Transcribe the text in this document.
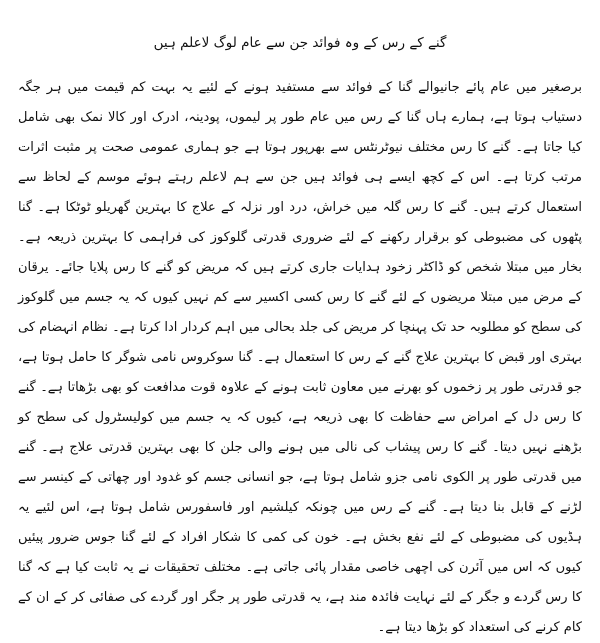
گنے کے رس کے وہ فوائد جن سے عام لوگ لاعلم ہیں

برصغیر میں عام پائے جانیوالے گنا کے فوائد سے مستفید ہونے کے لئیے یہ بہت کم قیمت میں ہر جگہ دستیاب ہوتا ہے، ہمارے ہاں گنا کے رس میں عام طور پر لیموں، پودینہ، ادرک اور کالا نمک بھی شامل کیا جاتا ہے۔ گنے کا رس مختلف نیوٹرنٹس سے بھرپور ہوتا ہے جو ہماری عمومی صحت پر مثبت اثرات مرتب کرتا ہے۔ اس کے کچھ ایسے ہی فوائد ہیں جن سے ہم لاعلم رہتے ہوئے موسم کے لحاظ سے استعمال کرتے ہیں۔ گنے کا رس گلہ میں خراش، درد اور نزلہ کے علاج کا بہترین گھریلو ٹوٹکا ہے۔ گنا پٹھوں کی مضبوطی کو برقرار رکھنے کے لئے ضروری قدرتی گلوکوز کی فراہمی کا بہترین ذریعہ ہے۔ بخار میں مبتلا شخص کو ڈاکٹر زخود ہدایات جاری کرتے ہیں کہ مریض کو گنے کا رس پلایا جائے۔ یرقان کے مرض میں مبتلا مریضوں کے لئے گنے کا رس کسی اکسیر سے کم نہیں کیوں کہ یہ جسم میں گلوکوز کی سطح کو مطلوبہ حد تک پہنچا کر مریض کی جلد بحالی میں اہم کردار ادا کرتا ہے۔ نظام انہضام کی بہتری اور قبض کا بہترین علاج گنے کے رس کا استعمال ہے۔ گنا سوکروس نامی شوگر کا حامل ہوتا ہے، جو قدرتی طور پر زخموں کو بھرنے میں معاون ثابت ہونے کے علاوہ قوت مدافعت کو بھی بڑھاتا ہے۔ گنے کا رس دل کے امراض سے حفاظت کا بھی ذریعہ ہے، کیوں کہ یہ جسم میں کولیسٹرول کی سطح کو بڑھنے نہیں دیتا۔ گنے کا رس پیشاب کی نالی میں ہونے والی جلن کا بھی بہترین قدرتی علاج ہے۔ گنے میں قدرتی طور پر الکوی نامی جزو شامل ہوتا ہے، جو انسانی جسم کو غدود اور چھاتی کے کینسر سے لڑنے کے قابل بنا دیتا ہے۔ گنے کے رس میں چونکہ کیلشیم اور فاسفورس شامل ہوتا ہے، اس لئیے یہ ہڈیوں کی مضبوطی کے لئے نفع بخش ہے۔ خون کی کمی کا شکار افراد کے لئے گنا جوس ضرور پیئیں کیوں کہ اس میں آئرن کی اچھی خاصی مقدار پائی جاتی ہے۔ مختلف تحقیقات نے یہ ثابت کیا ہے کہ گنا کا رس گردے و جگر کے لئے نہایت فائدہ مند ہے، یہ قدرتی طور پر جگر اور گردے کی صفائی کر کے ان کے کام کرنے کی استعداد کو بڑھا دیتا ہے۔
